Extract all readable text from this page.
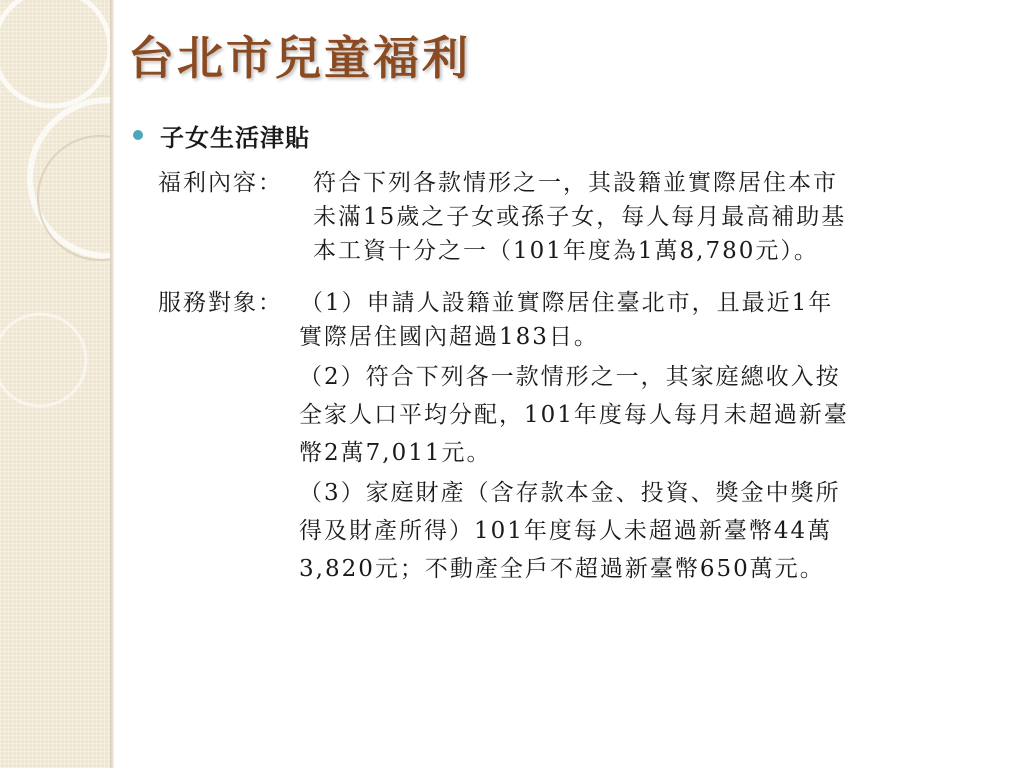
台北市兒童福利
子女生活津貼
福利內容： 符合下列各款情形之一，其設籍並實際居住本市
未滿15歲之子女或孫子女，每人每月最高補助基
本工資十分之一（101年度為1萬8,780元）。
服務對象： （1）申請人設籍並實際居住臺北市，且最近1年
實際居住國內超過183日。
（2）符合下列各一款情形之一，其家庭總收入按
全家人口平均分配，101年度每人每月未超過新臺
幣2萬7,011元。
（3）家庭財產（含存款本金、投資、獎金中獎所
得及財產所得）101年度每人未超過新臺幣44萬
3,820元；不動產全戶不超過新臺幣650萬元。
